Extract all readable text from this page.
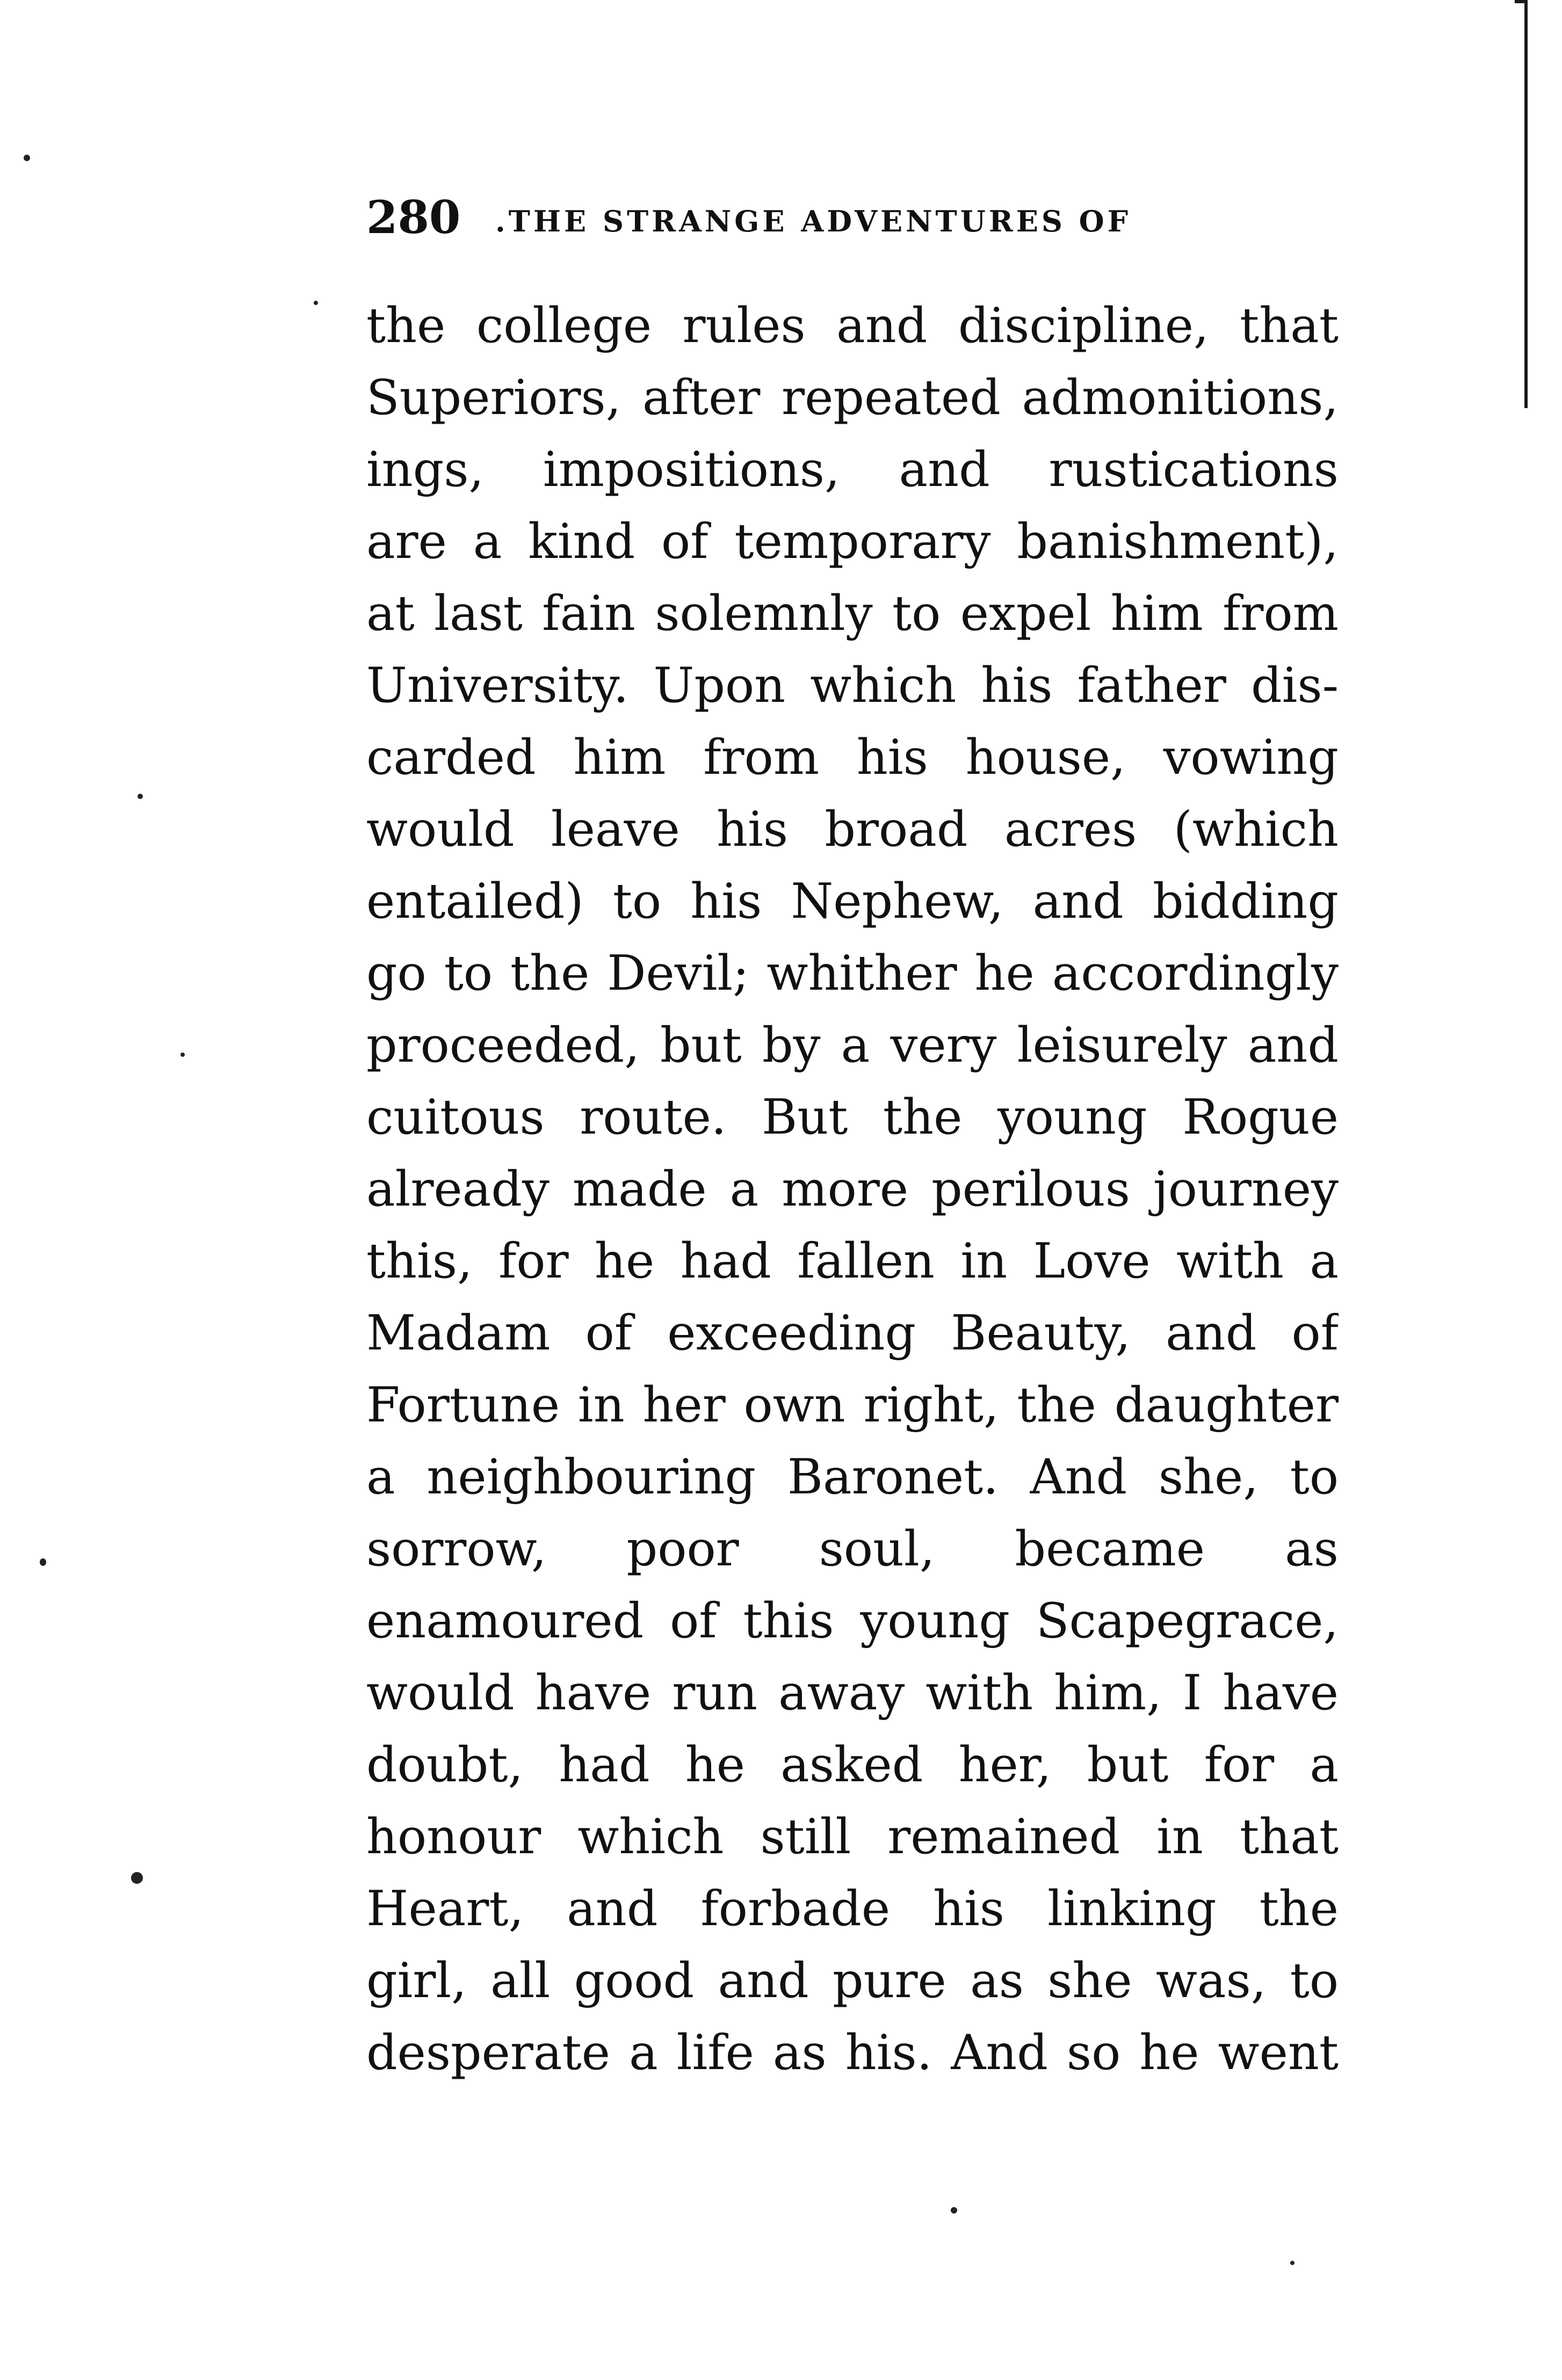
280 .THE STRANGE ADVENTURES OF
the college rules and discipline, that
Superiors, after repeated admonitions,
ings, impositions, and rustications
are a kind of temporary banishment),
at last fain solemnly to expel him from
University. Upon which his father dis-
carded him from his house, vowing
would leave his broad acres (which
entailed) to his Nephew, and bidding
go to the Devil; whither he accordingly
proceeded, but by a very leisurely and
cuitous route. But the young Rogue
already made a more perilous journey
this, for he had fallen in Love with a
Madam of exceeding Beauty, and of
Fortune in her own right, the daughter
a neighbouring Baronet. And she, to
sorrow, poor soul, became as
enamoured of this young Scapegrace,
would have run away with him, I have
doubt, had he asked her, but for a
honour which still remained in that
Heart, and forbade his linking the
girl, all good and pure as she was, to
desperate a life as his. And so he went
